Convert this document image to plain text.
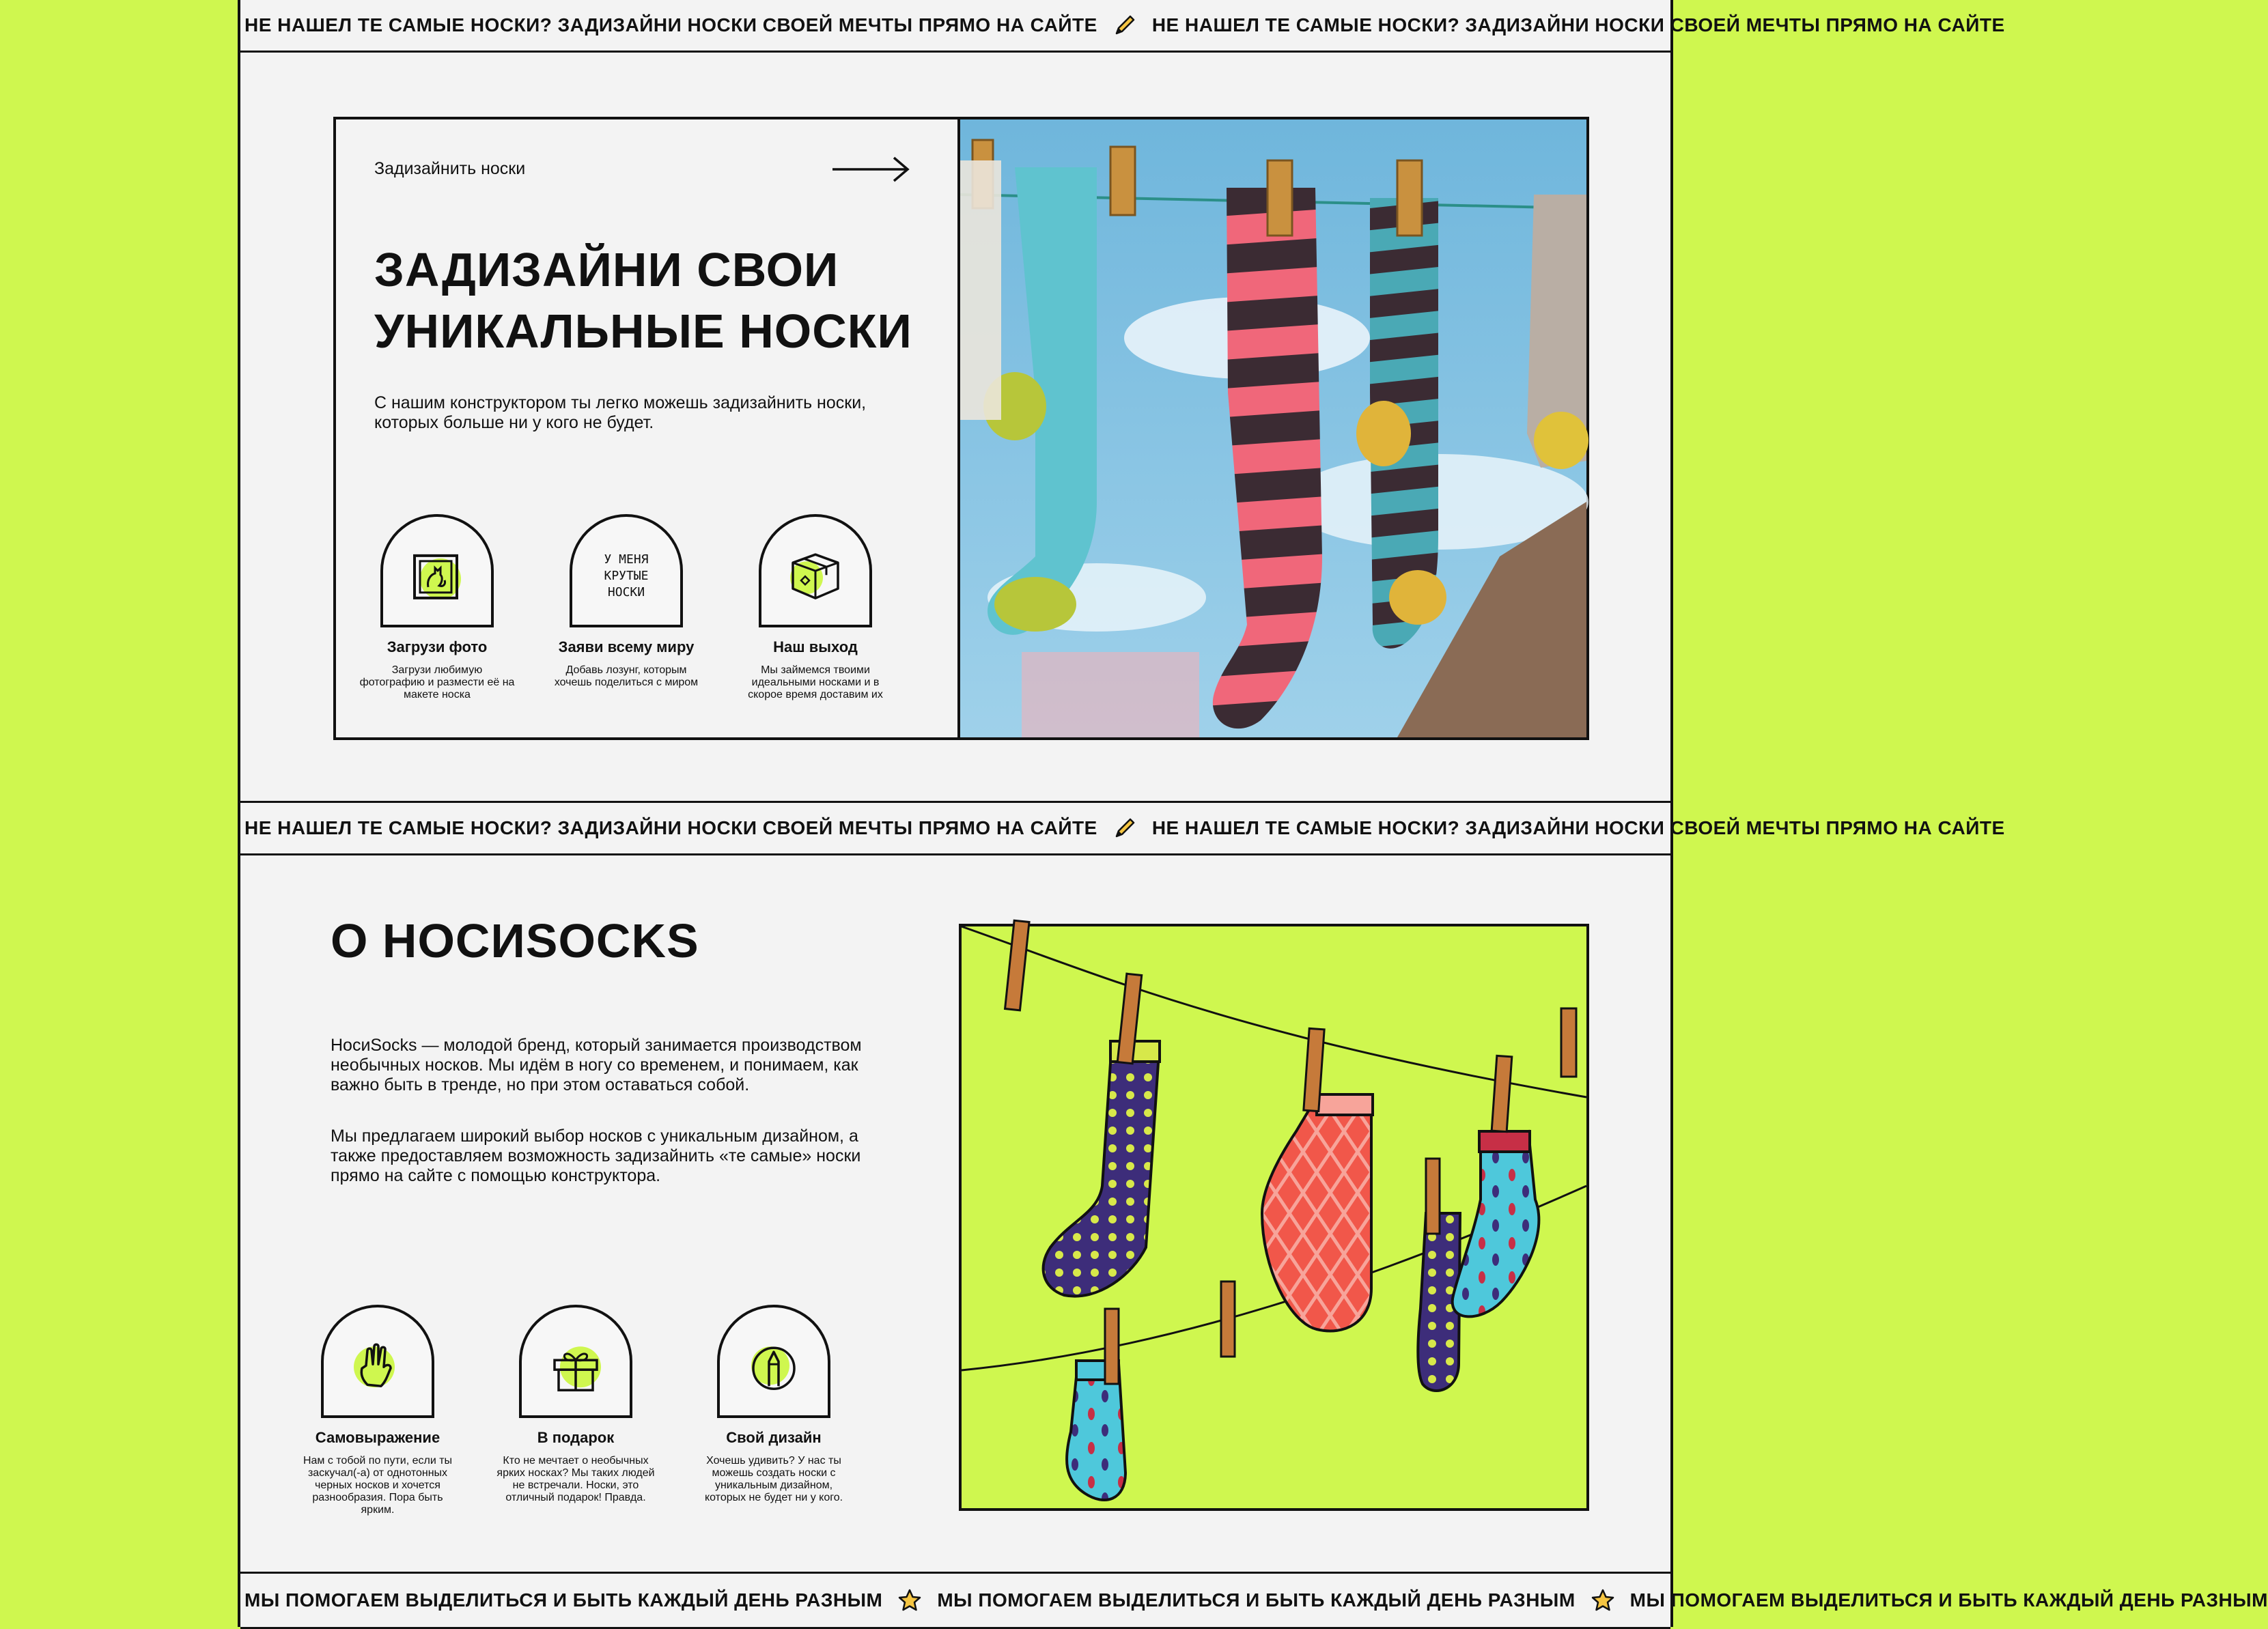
НЕ НАШЕЛ ТЕ САМЫЕ НОСКИ? ЗАДИЗАЙНИ НОСКИ СВОЕЙ МЕЧТЫ ПРЯМО НА САЙТЕ	НЕ НАШЕЛ ТЕ САМЫЕ НОСКИ? ЗАДИЗАЙНИ НОСКИ СВОЕЙ МЕЧТЫ ПРЯМО НА САЙТЕ
Задизайнить носки
ЗАДИЗАЙНИ СВОИ УНИКАЛЬНЫЕ НОСКИ
С нашим конструктором ты легко можешь задизайнить носки, которых больше ни у кого не будет.
Загрузи фото
Загрузи любимую фотографию и размести её на макете носка
У МЕНЯ КРУТЫЕ НОСКИ
Заяви всему миру
Добавь лозунг, которым хочешь поделиться с миром
Наш выход
Мы займемся твоими идеальными носками и в скорое время доставим их
НЕ НАШЕЛ ТЕ САМЫЕ НОСКИ? ЗАДИЗАЙНИ НОСКИ СВОЕЙ МЕЧТЫ ПРЯМО НА САЙТЕ	НЕ НАШЕЛ ТЕ САМЫЕ НОСКИ? ЗАДИЗАЙНИ НОСКИ СВОЕЙ МЕЧТЫ ПРЯМО НА САЙТЕ
О НОСИSOCKS
НосиSocks — молодой бренд, который занимается производством необычных носков. Мы идём в ногу со временем, и понимаем, как важно быть в тренде, но при этом оставаться собой.
Мы предлагаем широкий выбор носков с уникальным дизайном, а также предоставляем возможность задизайнить «те самые» носки прямо на сайте с помощью конструктора.
Самовыражение
Нам с тобой по пути, если ты заскучал(-а) от однотонных черных носков и хочется разнообразия. Пора быть ярким.
В подарок
Кто не мечтает о необычных ярких носках? Мы таких людей не встречали. Носки, это отличный подарок! Правда.
Свой дизайн
Хочешь удивить? У нас ты можешь создать носки с уникальным дизайном, которых не будет ни у кого.
МЫ ПОМОГАЕМ ВЫДЕЛИТЬСЯ И БЫТЬ КАЖДЫЙ ДЕНЬ РАЗНЫМ	МЫ ПОМОГАЕМ ВЫДЕЛИТЬСЯ И БЫТЬ КАЖДЫЙ ДЕНЬ РАЗНЫМ	МЫ ПОМОГАЕМ ВЫДЕЛИТЬСЯ И БЫТЬ КАЖДЫЙ ДЕНЬ РАЗНЫМ
